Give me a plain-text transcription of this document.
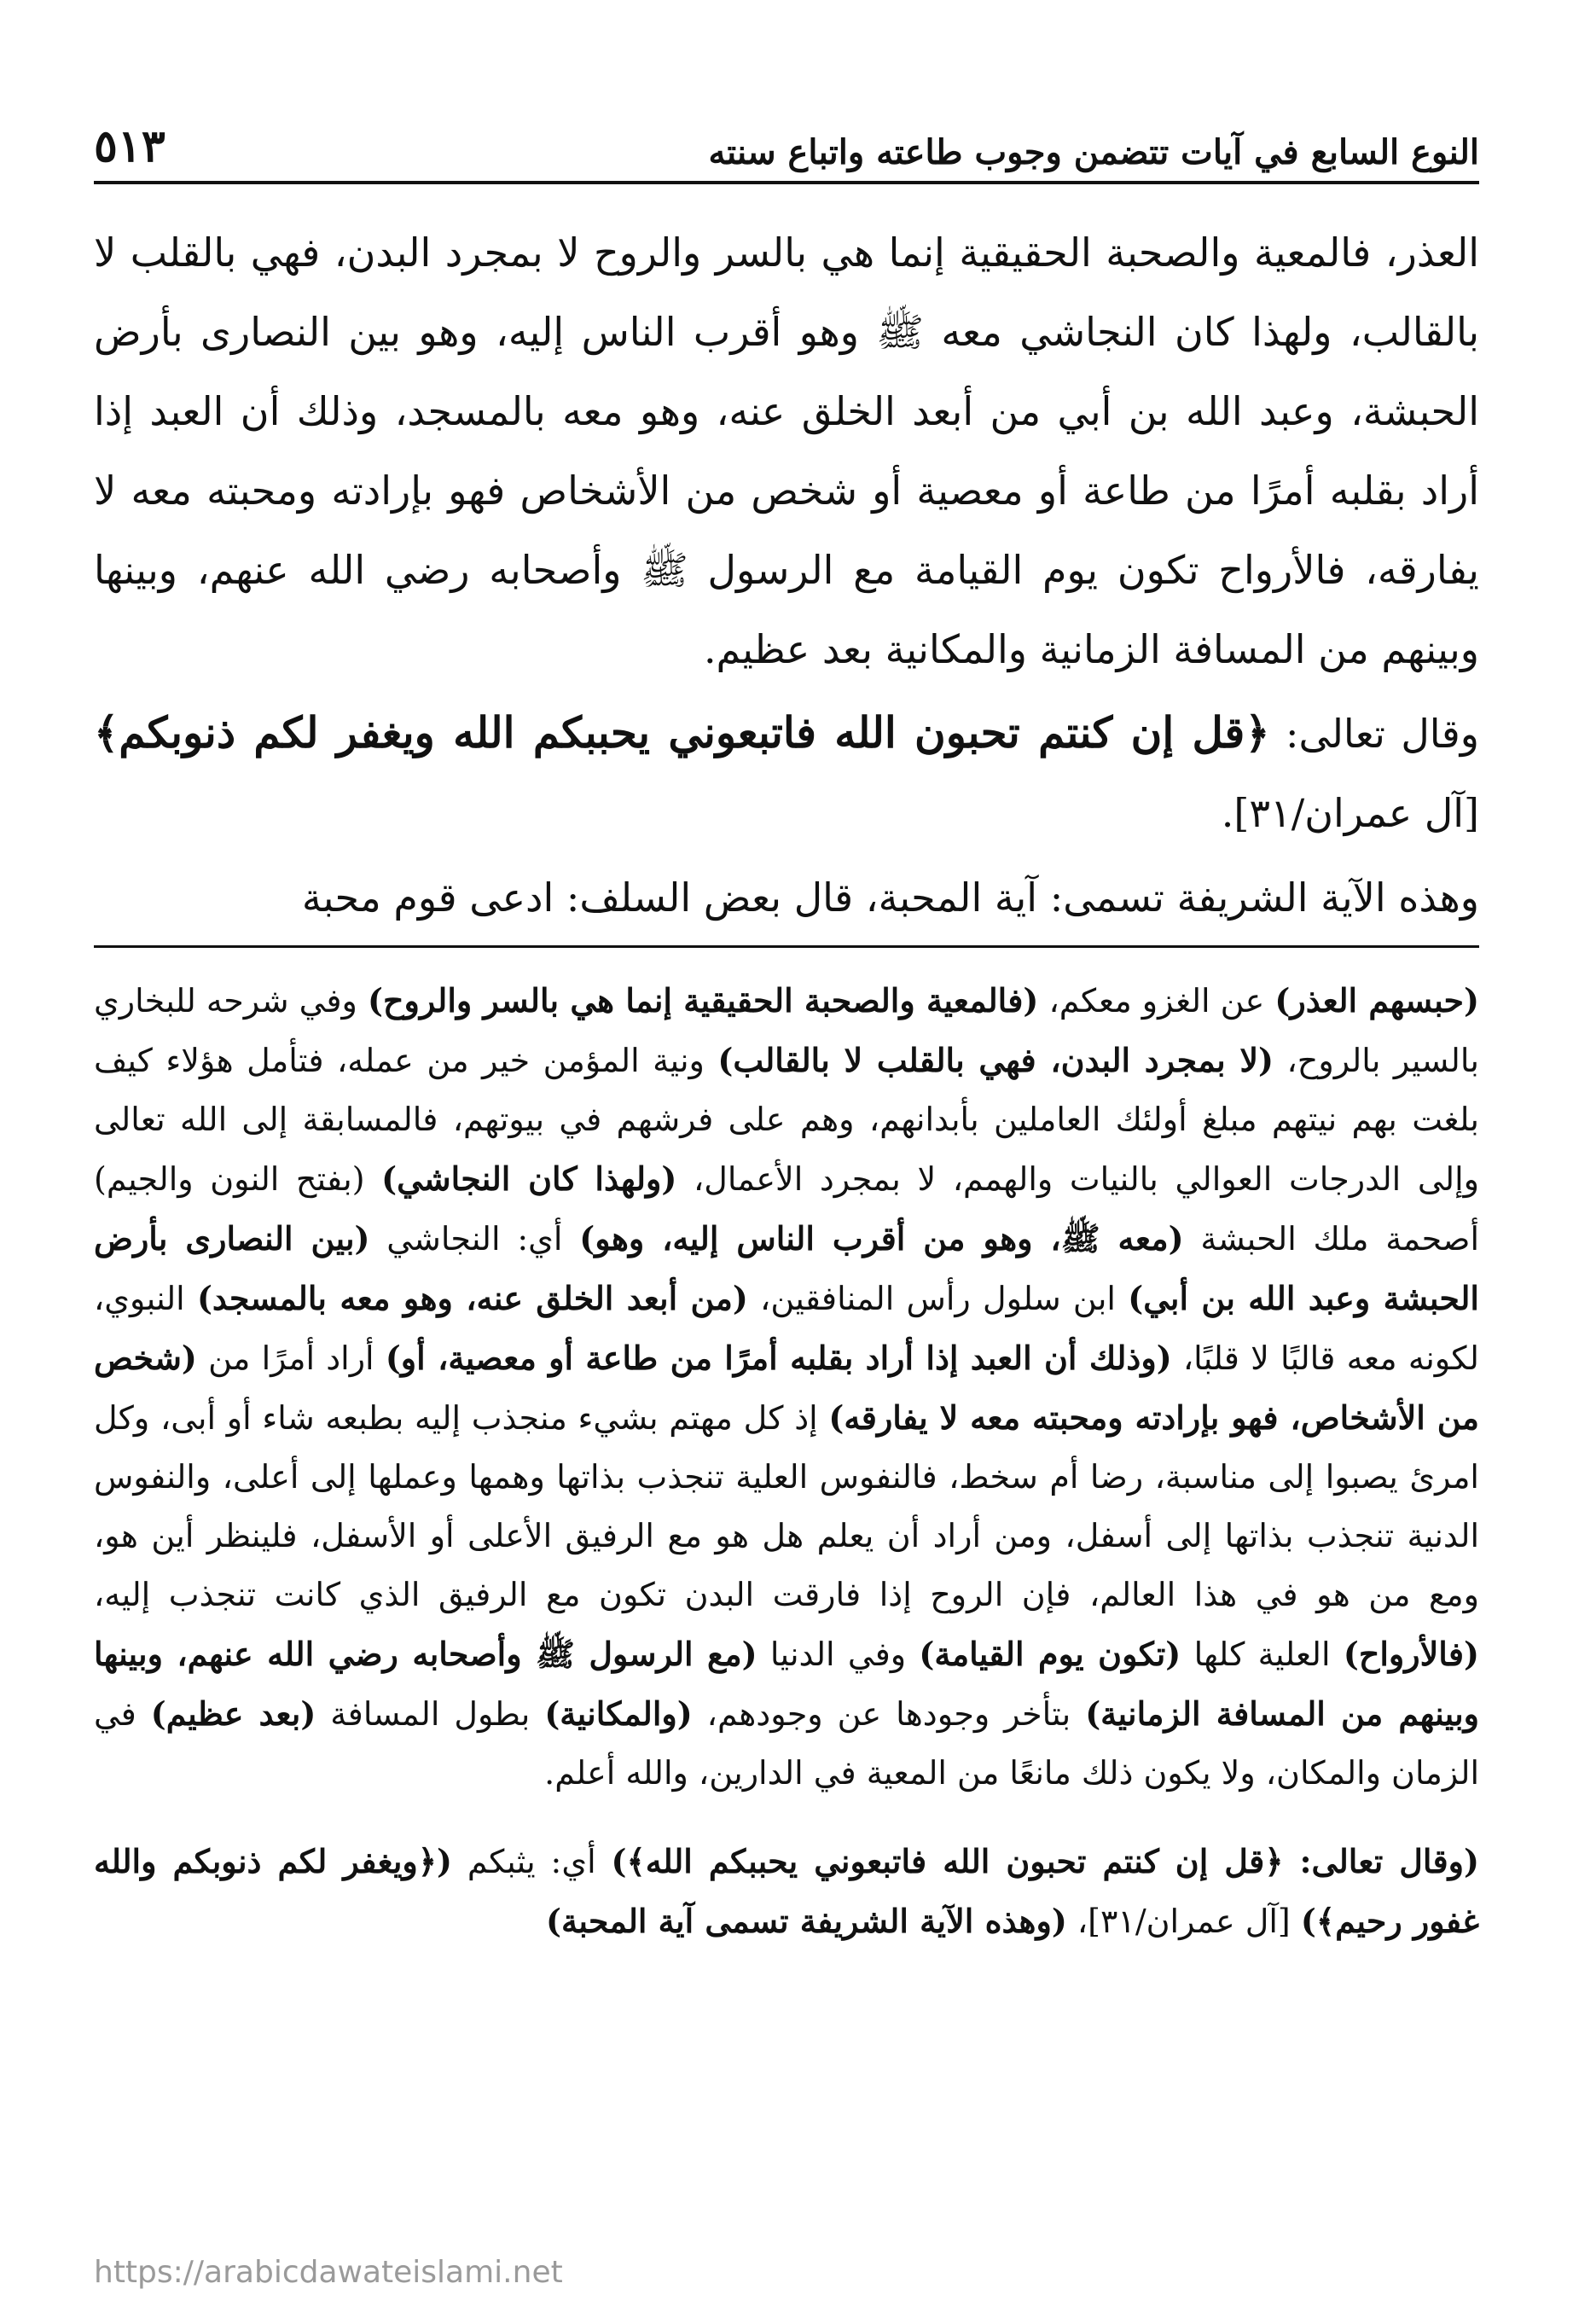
النوع السابع في آيات تتضمن وجوب طاعته واتباع سنته
٥١٣

العذر، فالمعية والصحبة الحقيقية إنما هي بالسر والروح لا بمجرد البدن، فهي بالقلب لا بالقالب، ولهذا كان النجاشي معه ﷺ وهو أقرب الناس إليه، وهو بين النصارى بأرض الحبشة، وعبد الله بن أبي من أبعد الخلق عنه، وهو معه بالمسجد، وذلك أن العبد إذا أراد بقلبه أمرًا من طاعة أو معصية أو شخص من الأشخاص فهو بإرادته ومحبته معه لا يفارقه، فالأرواح تكون يوم القيامة مع الرسول ﷺ وأصحابه رضي الله عنهم، وبينها وبينهم من المسافة الزمانية والمكانية بعد عظيم.

وقال تعالى: ﴿قل إن كنتم تحبون الله فاتبعوني يحببكم الله ويغفر لكم ذنوبكم﴾ [آل عمران/٣١].

وهذه الآية الشريفة تسمى: آية المحبة، قال بعض السلف: ادعى قوم محبة

(حبسهم العذر) عن الغزو معكم، (فالمعية والصحبة الحقيقية إنما هي بالسر والروح) وفي شرحه للبخاري بالسير بالروح، (لا بمجرد البدن، فهي بالقلب لا بالقالب) ونية المؤمن خير من عمله، فتأمل هؤلاء كيف بلغت بهم نيتهم مبلغ أولئك العاملين بأبدانهم، وهم على فرشهم في بيوتهم، فالمسابقة إلى الله تعالى وإلى الدرجات العوالي بالنيات والهمم، لا بمجرد الأعمال، (ولهذا كان النجاشي) (بفتح النون والجيم) أصحمة ملك الحبشة (معه ﷺ، وهو من أقرب الناس إليه، وهو) أي: النجاشي (بين النصارى بأرض الحبشة وعبد الله بن أبي) ابن سلول رأس المنافقين، (من أبعد الخلق عنه، وهو معه بالمسجد) النبوي، لكونه معه قالبًا لا قلبًا، (وذلك أن العبد إذا أراد بقلبه أمرًا من طاعة أو معصية، أو) أراد أمرًا من (شخص من الأشخاص، فهو بإرادته ومحبته معه لا يفارقه) إذ كل مهتم بشيء منجذب إليه بطبعه شاء أو أبى، وكل امرئ يصبوا إلى مناسبة، رضا أم سخط، فالنفوس العلية تنجذب بذاتها وهمها وعملها إلى أعلى، والنفوس الدنية تنجذب بذاتها إلى أسفل، ومن أراد أن يعلم هل هو مع الرفيق الأعلى أو الأسفل، فلينظر أين هو، ومع من هو في هذا العالم، فإن الروح إذا فارقت البدن تكون مع الرفيق الذي كانت تنجذب إليه، (فالأرواح) العلية كلها (تكون يوم القيامة) وفي الدنيا (مع الرسول ﷺ وأصحابه رضي الله عنهم، وبينها وبينهم من المسافة الزمانية) بتأخر وجودها عن وجودهم، (والمكانية) بطول المسافة (بعد عظيم) في الزمان والمكان، ولا يكون ذلك مانعًا من المعية في الدارين، والله أعلم.

(وقال تعالى: ﴿قل إن كنتم تحبون الله فاتبعوني يحببكم الله﴾) أي: يثبكم (﴿ويغفر لكم ذنوبكم والله غفور رحيم﴾) [آل عمران/٣١]، (وهذه الآية الشريفة تسمى آية المحبة)

https://arabicdawateislami.net
